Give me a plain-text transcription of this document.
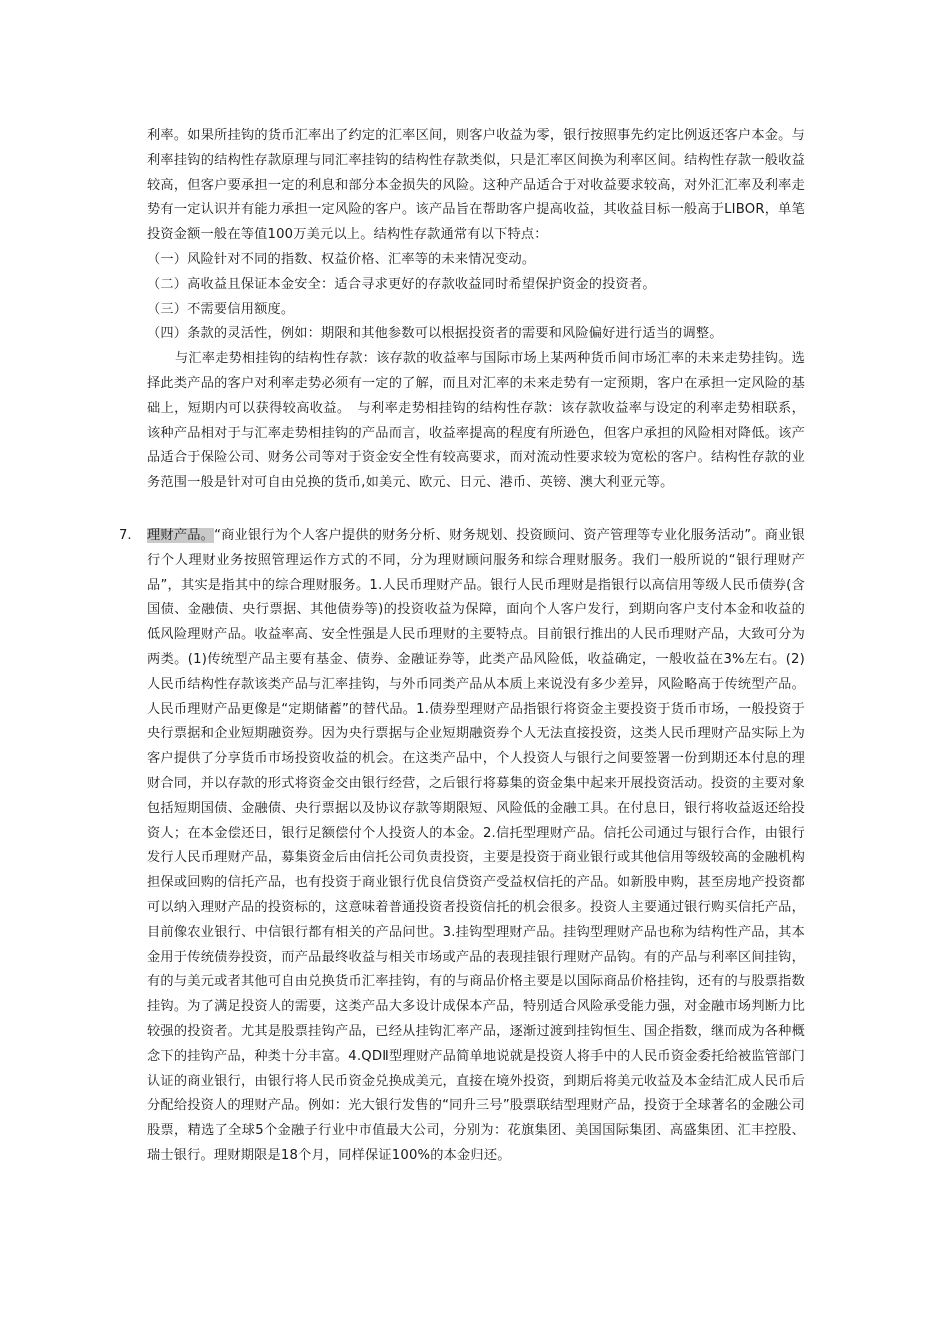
利率。如果所挂钩的货币汇率出了约定的汇率区间，则客户收益为零，银行按照事先约定比例返还客户本金。与利率挂钩的结构性存款原理与同汇率挂钩的结构性存款类似，只是汇率区间换为利率区间。结构性存款一般收益较高，但客户要承担一定的利息和部分本金损失的风险。这种产品适合于对收益要求较高，对外汇汇率及利率走势有一定认识并有能力承担一定风险的客户。该产品旨在帮助客户提高收益，其收益目标一般高于LIBOR，单笔投资金额一般在等值100万美元以上。结构性存款通常有以下特点：

（一）风险针对不同的指数、权益价格、汇率等的未来情况变动。

（二）高收益且保证本金安全：适合寻求更好的存款收益同时希望保护资金的投资者。

（三）不需要信用额度。

（四）条款的灵活性，例如：期限和其他参数可以根据投资者的需要和风险偏好进行适当的调整。

与汇率走势相挂钩的结构性存款：该存款的收益率与国际市场上某两种货币间市场汇率的未来走势挂钩。选择此类产品的客户对利率走势必须有一定的了解，而且对汇率的未来走势有一定预期，客户在承担一定风险的基础上，短期内可以获得较高收益。　与利率走势相挂钩的结构性存款：该存款收益率与设定的利率走势相联系，该种产品相对于与汇率走势相挂钩的产品而言，收益率提高的程度有所逊色，但客户承担的风险相对降低。该产品适合于保险公司、财务公司等对于资金安全性有较高要求，而对流动性要求较为宽松的客户。结构性存款的业务范围一般是针对可自由兑换的货币,如美元、欧元、日元、港币、英镑、澳大利亚元等。

7. 理财产品。“商业银行为个人客户提供的财务分析、财务规划、投资顾问、资产管理等专业化服务活动”。商业银行个人理财业务按照管理运作方式的不同，分为理财顾问服务和综合理财服务。我们一般所说的“银行理财产品”，其实是指其中的综合理财服务。1.人民币理财产品。银行人民币理财是指银行以高信用等级人民币债券(含国债、金融债、央行票据、其他债券等)的投资收益为保障，面向个人客户发行，到期向客户支付本金和收益的低风险理财产品。收益率高、安全性强是人民币理财的主要特点。目前银行推出的人民币理财产品，大致可分为两类。(1)传统型产品主要有基金、债券、金融证券等，此类产品风险低，收益确定，一般收益在3%左右。(2)人民币结构性存款该类产品与汇率挂钩，与外币同类产品从本质上来说没有多少差异，风险略高于传统型产品。人民币理财产品更像是“定期储蓄”的替代品。1.债券型理财产品指银行将资金主要投资于货币市场，一般投资于央行票据和企业短期融资券。因为央行票据与企业短期融资券个人无法直接投资，这类人民币理财产品实际上为客户提供了分享货币市场投资收益的机会。在这类产品中，个人投资人与银行之间要签署一份到期还本付息的理财合同，并以存款的形式将资金交由银行经营，之后银行将募集的资金集中起来开展投资活动。投资的主要对象包括短期国债、金融债、央行票据以及协议存款等期限短、风险低的金融工具。在付息日，银行将收益返还给投资人；在本金偿还日，银行足额偿付个人投资人的本金。2.信托型理财产品。信托公司通过与银行合作，由银行发行人民币理财产品，募集资金后由信托公司负责投资，主要是投资于商业银行或其他信用等级较高的金融机构担保或回购的信托产品，也有投资于商业银行优良信贷资产受益权信托的产品。如新股申购，甚至房地产投资都可以纳入理财产品的投资标的，这意味着普通投资者投资信托的机会很多。投资人主要通过银行购买信托产品，目前像农业银行、中信银行都有相关的产品问世。3.挂钩型理财产品。挂钩型理财产品也称为结构性产品，其本金用于传统债券投资，而产品最终收益与相关市场或产品的表现挂银行理财产品钩。有的产品与利率区间挂钩，有的与美元或者其他可自由兑换货币汇率挂钩，有的与商品价格主要是以国际商品价格挂钩，还有的与股票指数挂钩。为了满足投资人的需要，这类产品大多设计成保本产品，特别适合风险承受能力强，对金融市场判断力比较强的投资者。尤其是股票挂钩产品，已经从挂钩汇率产品，逐渐过渡到挂钩恒生、国企指数，继而成为各种概念下的挂钩产品，种类十分丰富。4.QDⅡ型理财产品简单地说就是投资人将手中的人民币资金委托给被监管部门认证的商业银行，由银行将人民币资金兑换成美元，直接在境外投资，到期后将美元收益及本金结汇成人民币后分配给投资人的理财产品。例如：光大银行发售的“同升三号”股票联结型理财产品，投资于全球著名的金融公司股票，精选了全球5个金融子行业中市值最大公司，分别为：花旗集团、美国国际集团、高盛集团、汇丰控股、瑞士银行。理财期限是18个月，同样保证100%的本金归还。
